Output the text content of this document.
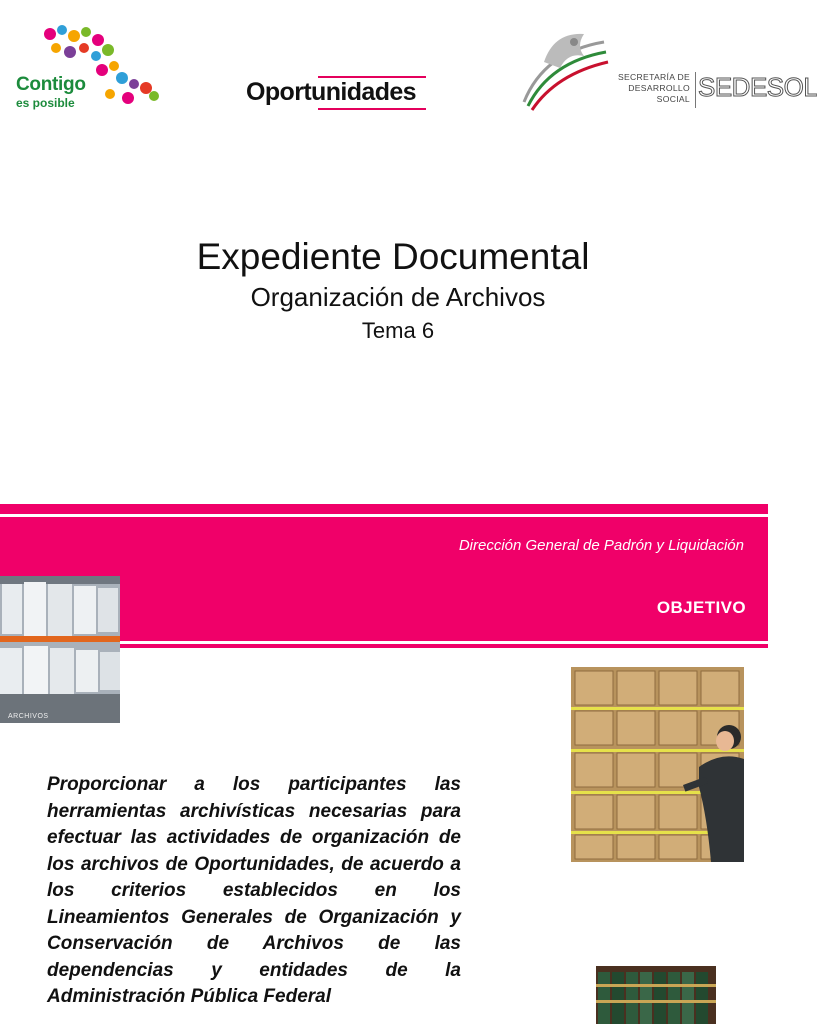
Contigo
es posible	Oportunidades
SECRETARÍA DE
DESARROLLO
SOCIAL SEDESOL
Expediente Documental
Organización de Archivos
Tema 6
Dirección General de Padrón y Liquidación
OBJETIVO
ARCHIVOS
Proporcionar a los participantes las herramientas archivísticas necesarias para efectuar las actividades de organización de los archivos de Oportunidades, de acuerdo a los criterios establecidos en los Lineamientos Generales de Organización y Conservación de Archivos de las dependencias y entidades de la Administración Pública Federal
